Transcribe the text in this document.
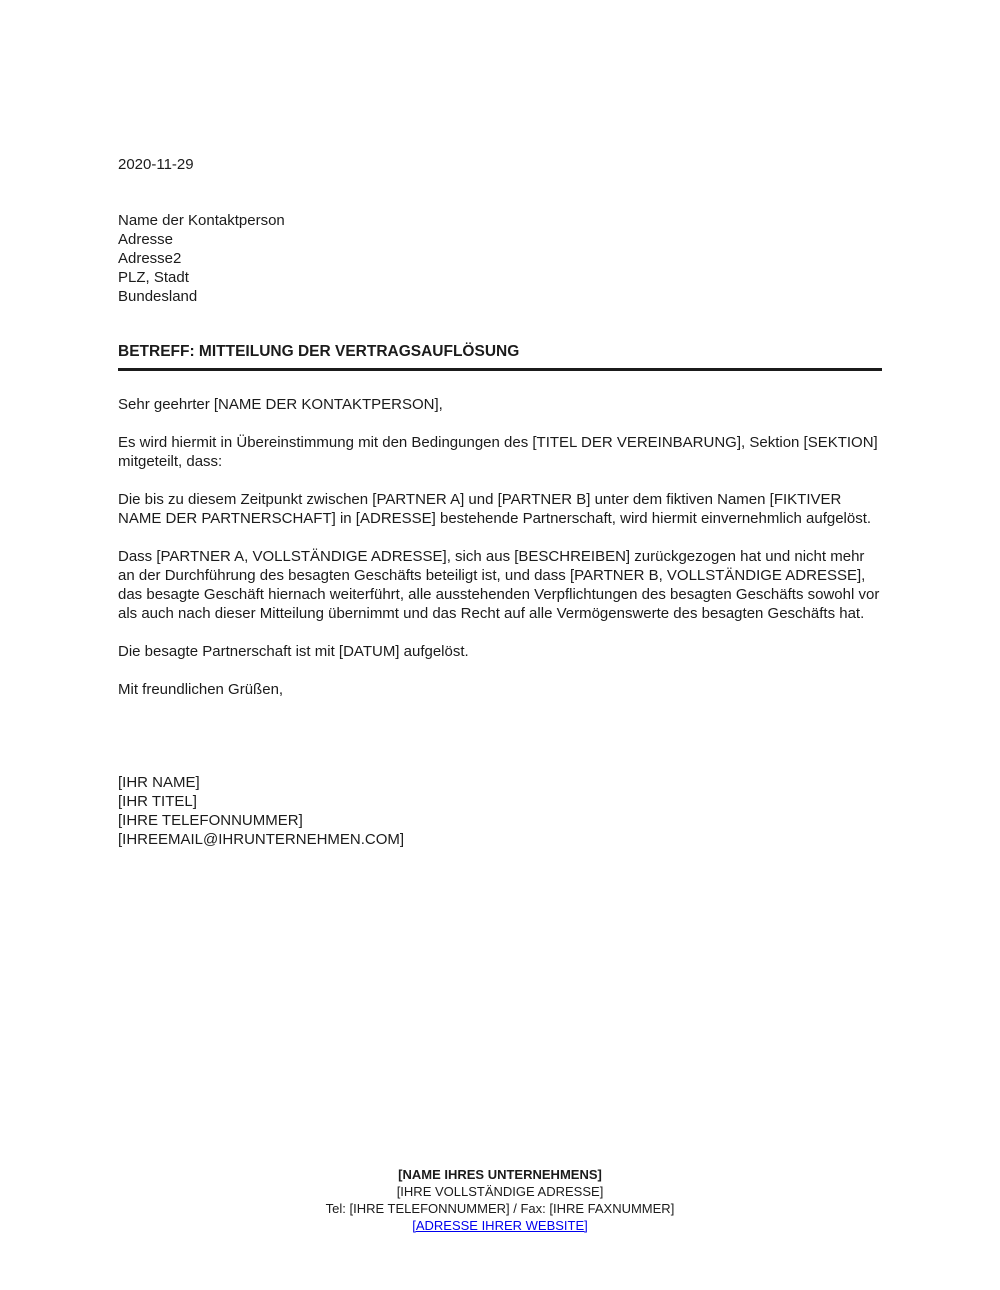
2020-11-29
Name der Kontaktperson
Adresse
Adresse2
PLZ, Stadt
Bundesland
BETREFF: MITTEILUNG DER VERTRAGSAUFLÖSUNG

Sehr geehrter [NAME DER KONTAKTPERSON],

Es wird hiermit in Übereinstimmung mit den Bedingungen des [TITEL DER VEREINBARUNG], Sektion [SEKTION] mitgeteilt, dass:

Die bis zu diesem Zeitpunkt zwischen [PARTNER A] und [PARTNER B] unter dem fiktiven Namen [FIKTIVER NAME DER PARTNERSCHAFT] in [ADRESSE] bestehende Partnerschaft, wird hiermit einvernehmlich aufgelöst.

Dass [PARTNER A, VOLLSTÄNDIGE ADRESSE], sich aus [BESCHREIBEN] zurückgezogen hat und nicht mehr an der Durchführung des besagten Geschäfts beteiligt ist, und dass [PARTNER B, VOLLSTÄNDIGE ADRESSE], das besagte Geschäft hiernach weiterführt, alle ausstehenden Verpflichtungen des besagten Geschäfts sowohl vor als auch nach dieser Mitteilung übernimmt und das Recht auf alle Vermögenswerte des besagten Geschäfts hat.

Die besagte Partnerschaft ist mit [DATUM] aufgelöst.

Mit freundlichen Grüßen,

[IHR NAME]
[IHR TITEL]
[IHRE TELEFONNUMMER]
[IHREEMAIL@IHRUNTERNEHMEN.COM]
[NAME IHRES UNTERNEHMENS]
[IHRE VOLLSTÄNDIGE ADRESSE]
Tel: [IHRE TELEFONNUMMER] / Fax: [IHRE FAXNUMMER]
[ADRESSE IHRER WEBSITE]
